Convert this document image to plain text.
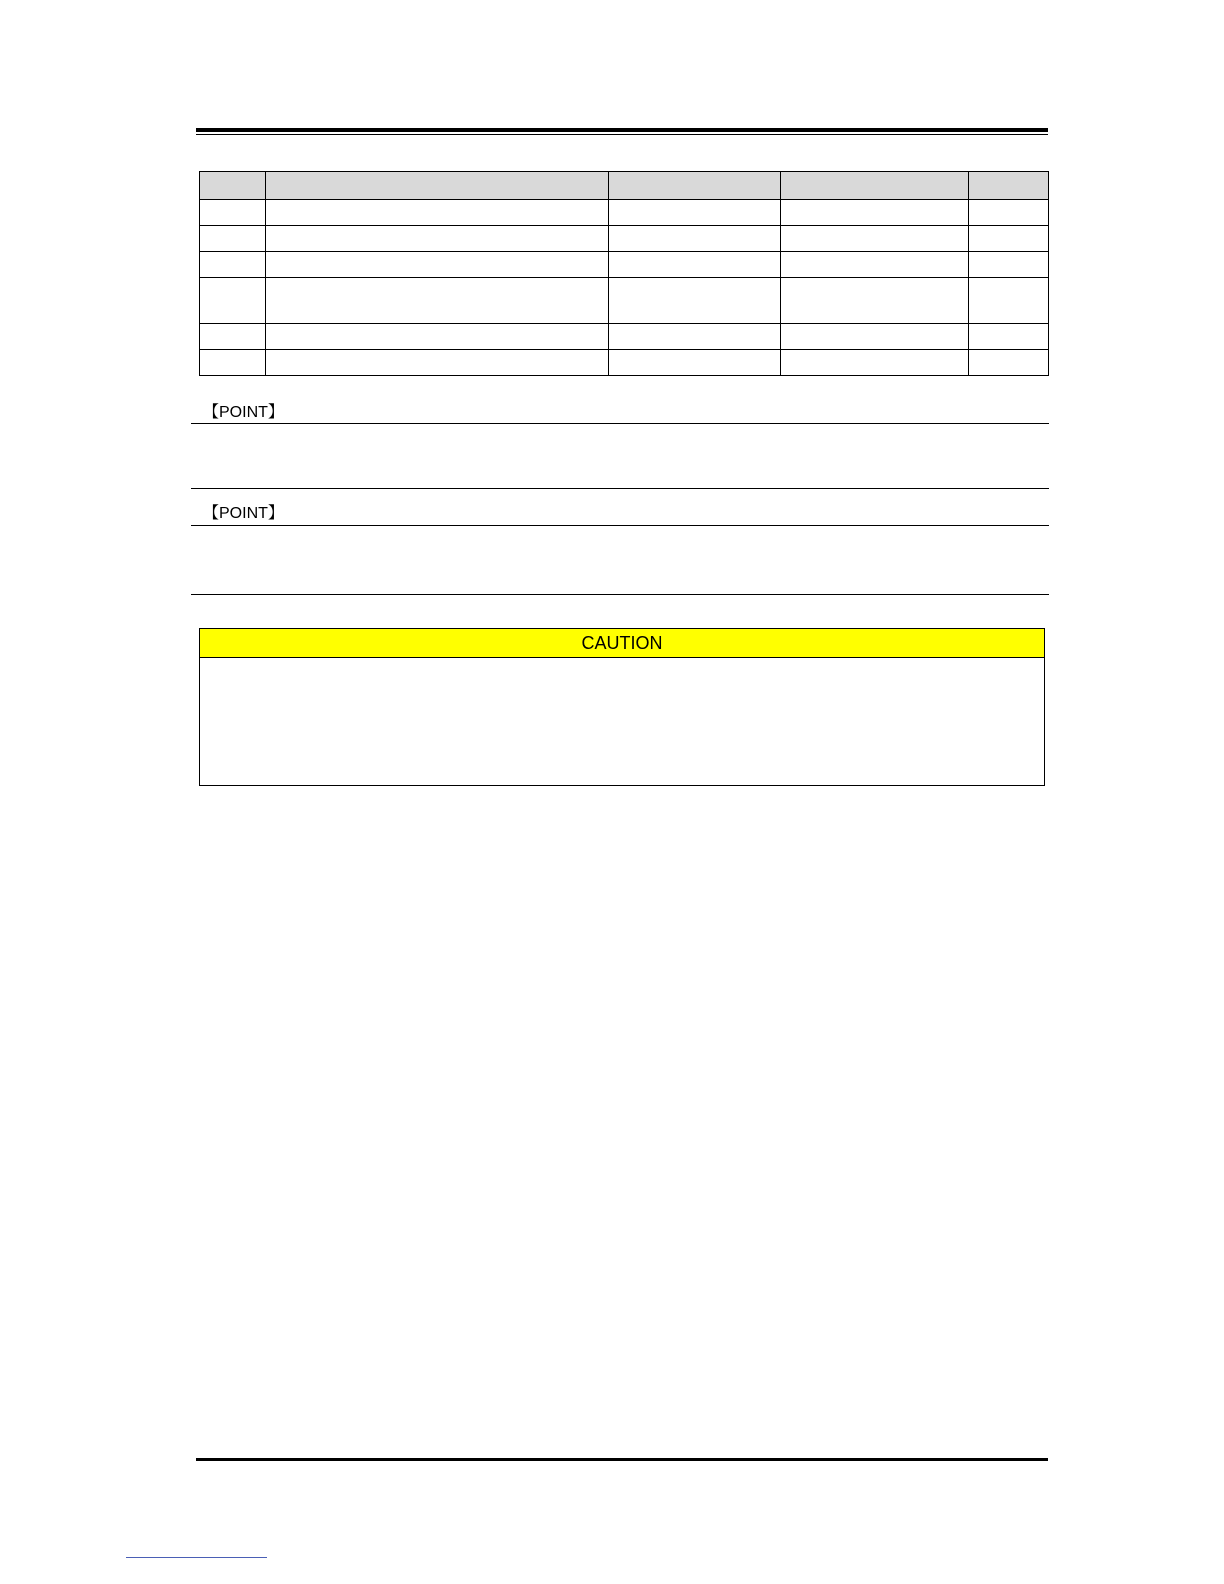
【POINT】
【POINT】
CAUTION
